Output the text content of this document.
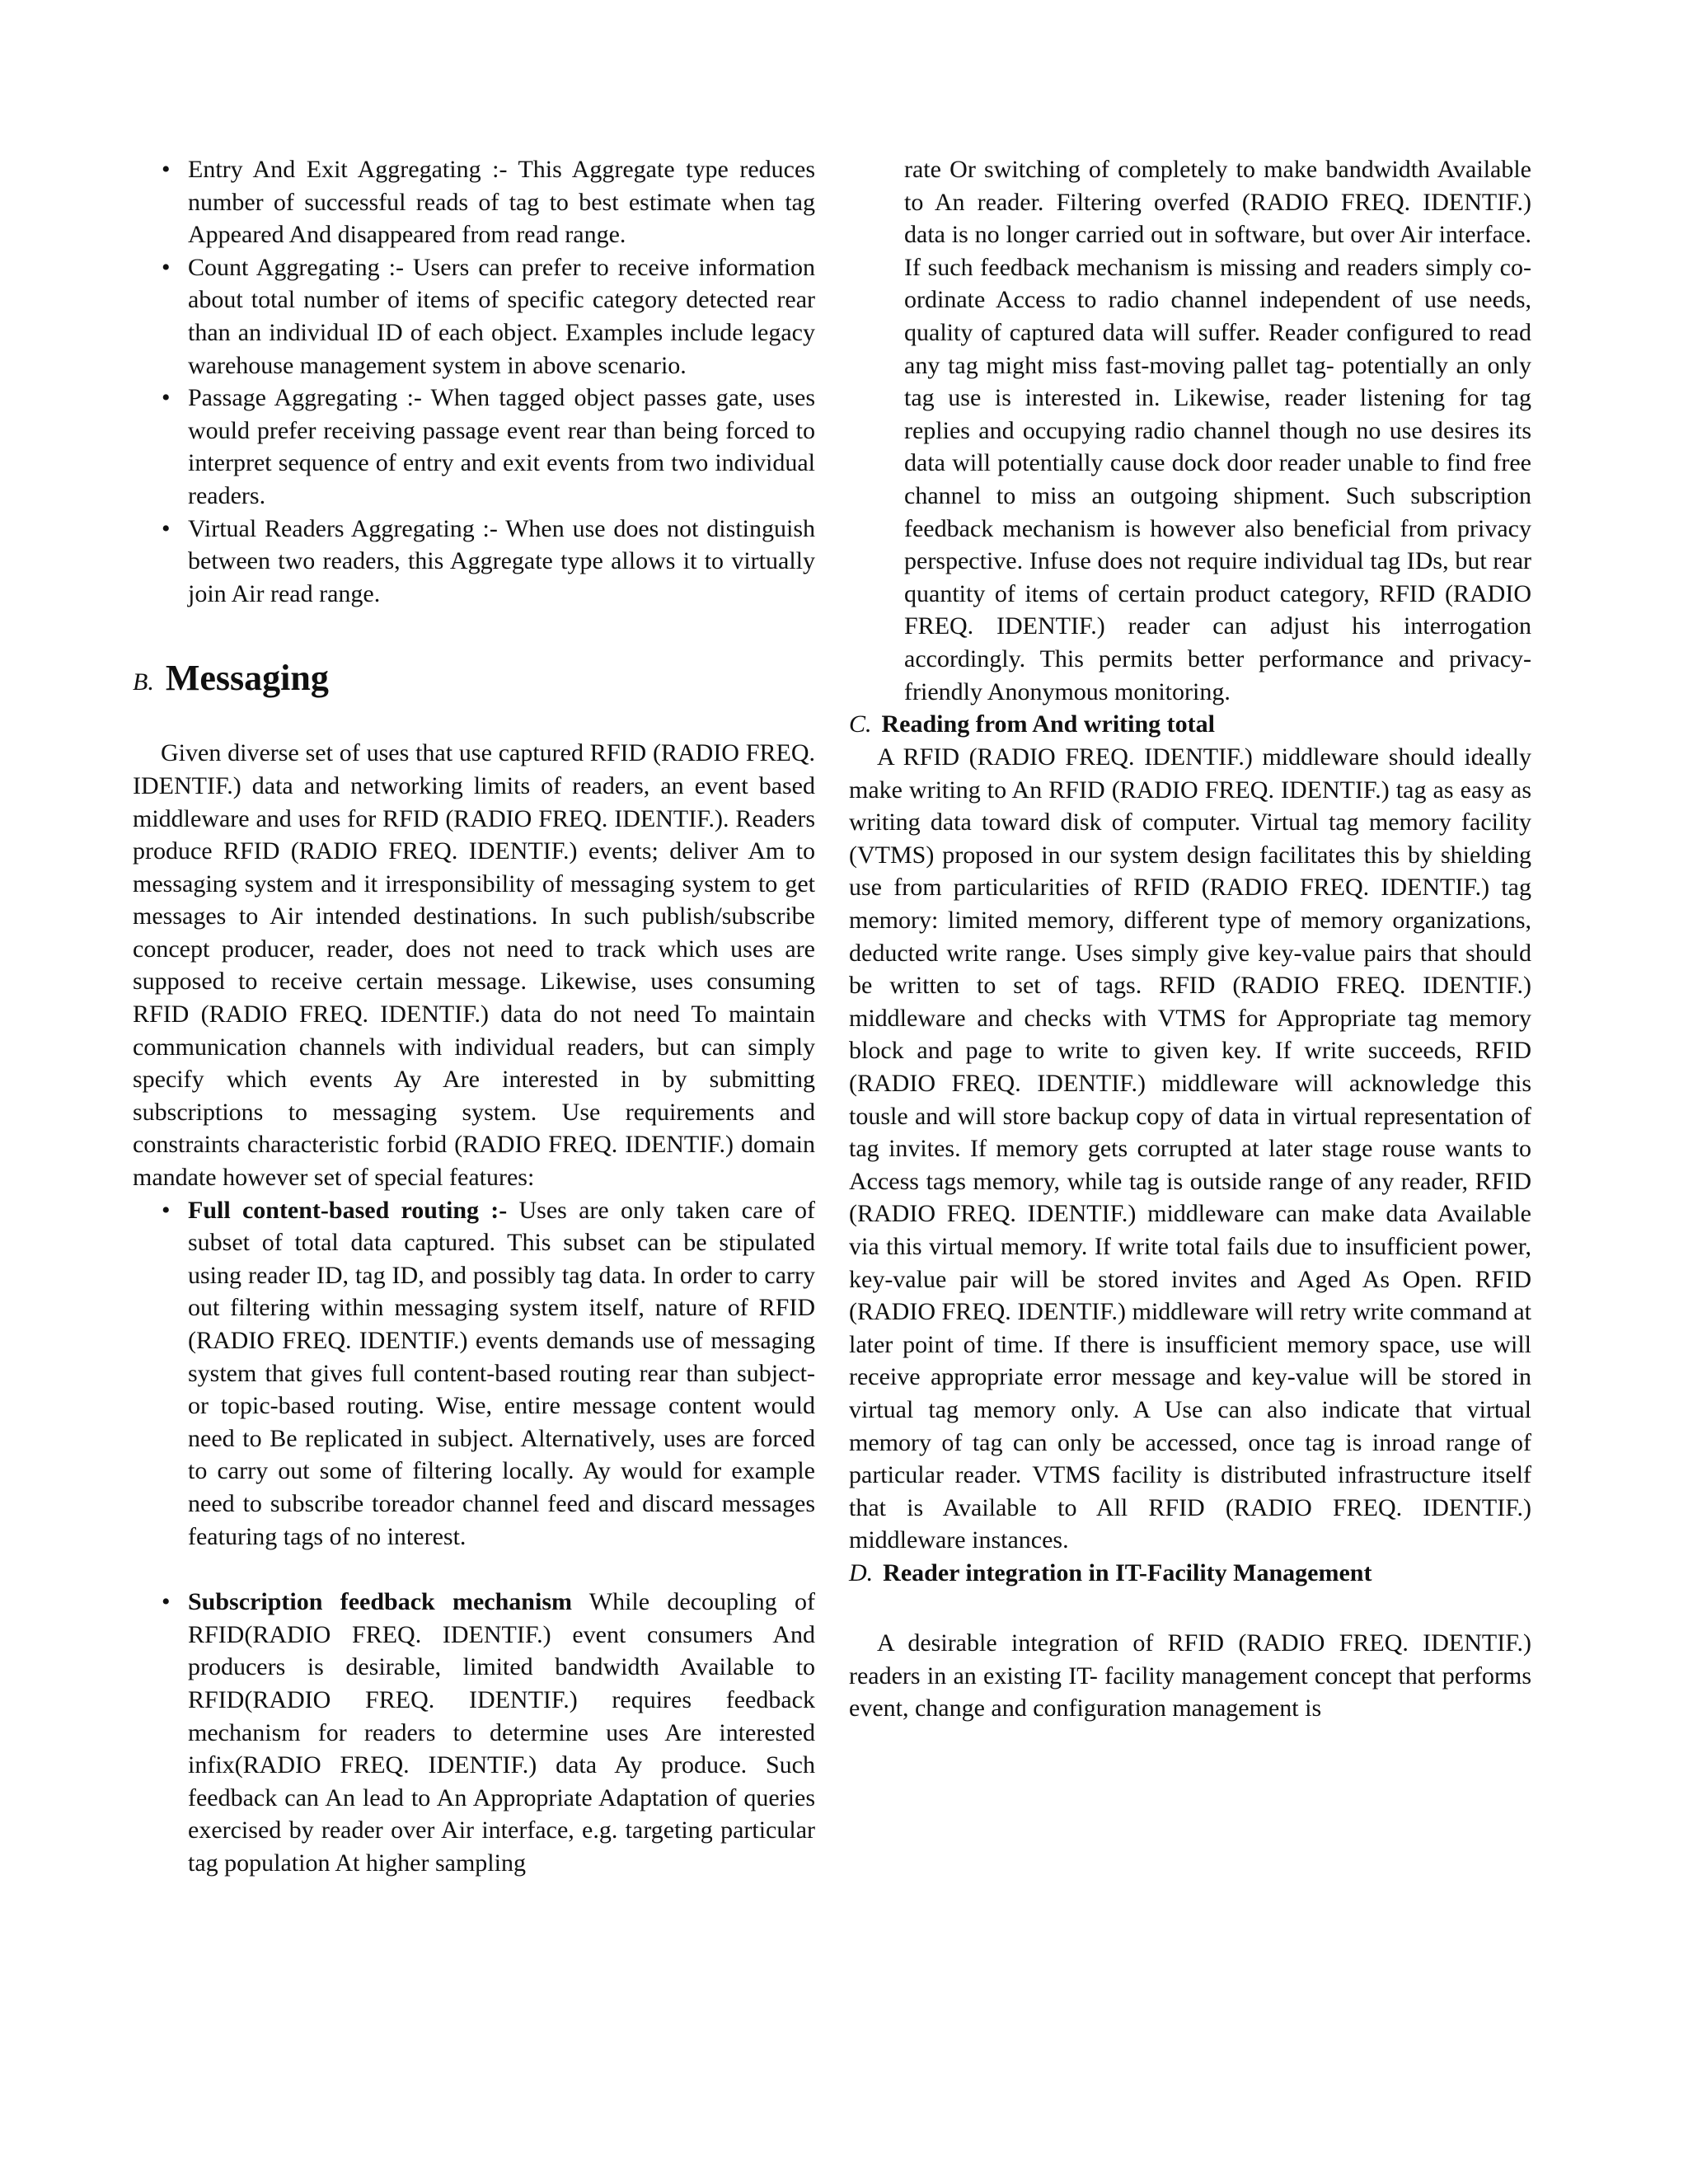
• Entry And Exit Aggregating :- This Aggregate type reduces number of successful reads of tag to best estimate when tag Appeared And disappeared from read range.
• Count Aggregating :- Users can prefer to receive information about total number of items of specific category detected rear than an individual ID of each object. Examples include legacy warehouse management system in above scenario.
• Passage Aggregating :- When tagged object passes gate, uses would prefer receiving passage event rear than being forced to interpret sequence of entry and exit events from two individual readers.
• Virtual Readers Aggregating :- When use does not distinguish between two readers, this Aggregate type allows it to virtually join Air read range.
B. Messaging

Given diverse set of uses that use captured RFID (RADIO FREQ. IDENTIF.) data and networking limits of readers, an event based middleware and uses for RFID (RADIO FREQ. IDENTIF.). Readers produce RFID (RADIO FREQ. IDENTIF.) events; deliver Am to messaging system and it irresponsibility of messaging system to get messages to Air intended destinations. In such publish/subscribe concept producer, reader, does not need to track which uses are supposed to receive certain message. Likewise, uses consuming RFID (RADIO FREQ. IDENTIF.) data do not need To maintain communication channels with individual readers, but can simply specify which events Ay Are interested in by submitting subscriptions to messaging system. Use requirements and constraints characteristic forbid (RADIO FREQ. IDENTIF.) domain mandate however set of special features:

• Full content-based routing :- Uses are only taken care of subset of total data captured. This subset can be stipulated using reader ID, tag ID, and possibly tag data. In order to carry out filtering within messaging system itself, nature of RFID (RADIO FREQ. IDENTIF.) events demands use of messaging system that gives full content-based routing rear than subject- or topic-based routing. Wise, entire message content would need to Be replicated in subject. Alternatively, uses are forced to carry out some of filtering locally. Ay would for example need to subscribe toreador channel feed and discard messages featuring tags of no interest.
• Subscription feedback mechanism While decoupling of RFID(RADIO FREQ. IDENTIF.) event consumers And producers is desirable, limited bandwidth Available to RFID(RADIO FREQ. IDENTIF.) requires feedback mechanism for readers to determine uses Are interested infix(RADIO FREQ. IDENTIF.) data Ay produce. Such feedback can An lead to An Appropriate Adaptation of queries exercised by reader over Air interface, e.g. targeting particular tag population At higher sampling

rate Or switching of completely to make bandwidth Available to An reader. Filtering overfed (RADIO FREQ. IDENTIF.) data is no longer carried out in software, but over Air interface. If such feedback mechanism is missing and readers simply co-ordinate Access to radio channel independent of use needs, quality of captured data will suffer. Reader configured to read any tag might miss fast-moving pallet tag- potentially an only tag use is interested in. Likewise, reader listening for tag replies and occupying radio channel though no use desires its data will potentially cause dock door reader unable to find free channel to miss an outgoing shipment. Such subscription feedback mechanism is however also beneficial from privacy perspective. Infuse does not require individual tag IDs, but rear quantity of items of certain product category, RFID (RADIO FREQ. IDENTIF.) reader can adjust his interrogation accordingly. This permits better performance and privacy-friendly Anonymous monitoring.

C. Reading from And writing total

A RFID (RADIO FREQ. IDENTIF.) middleware should ideally make writing to An RFID (RADIO FREQ. IDENTIF.) tag as easy as writing data toward disk of computer. Virtual tag memory facility (VTMS) proposed in our system design facilitates this by shielding use from particularities of RFID (RADIO FREQ. IDENTIF.) tag memory: limited memory, different type of memory organizations, deducted write range. Uses simply give key-value pairs that should be written to set of tags. RFID (RADIO FREQ. IDENTIF.) middleware and checks with VTMS for Appropriate tag memory block and page to write to given key. If write succeeds, RFID (RADIO FREQ. IDENTIF.) middleware will acknowledge this tousle and will store backup copy of data in virtual representation of tag invites. If memory gets corrupted at later stage rouse wants to Access tags memory, while tag is outside range of any reader, RFID (RADIO FREQ. IDENTIF.) middleware can make data Available via this virtual memory. If write total fails due to insufficient power, key-value pair will be stored invites and Aged As Open. RFID (RADIO FREQ. IDENTIF.) middleware will retry write command at later point of time. If there is insufficient memory space, use will receive appropriate error message and key-value will be stored in virtual tag memory only. A Use can also indicate that virtual memory of tag can only be accessed, once tag is inroad range of particular reader. VTMS facility is distributed infrastructure itself that is Available to All RFID (RADIO FREQ. IDENTIF.) middleware instances.

D. Reader integration in IT-Facility Management

A desirable integration of RFID (RADIO FREQ. IDENTIF.) readers in an existing IT- facility management concept that performs event, change and configuration management is
